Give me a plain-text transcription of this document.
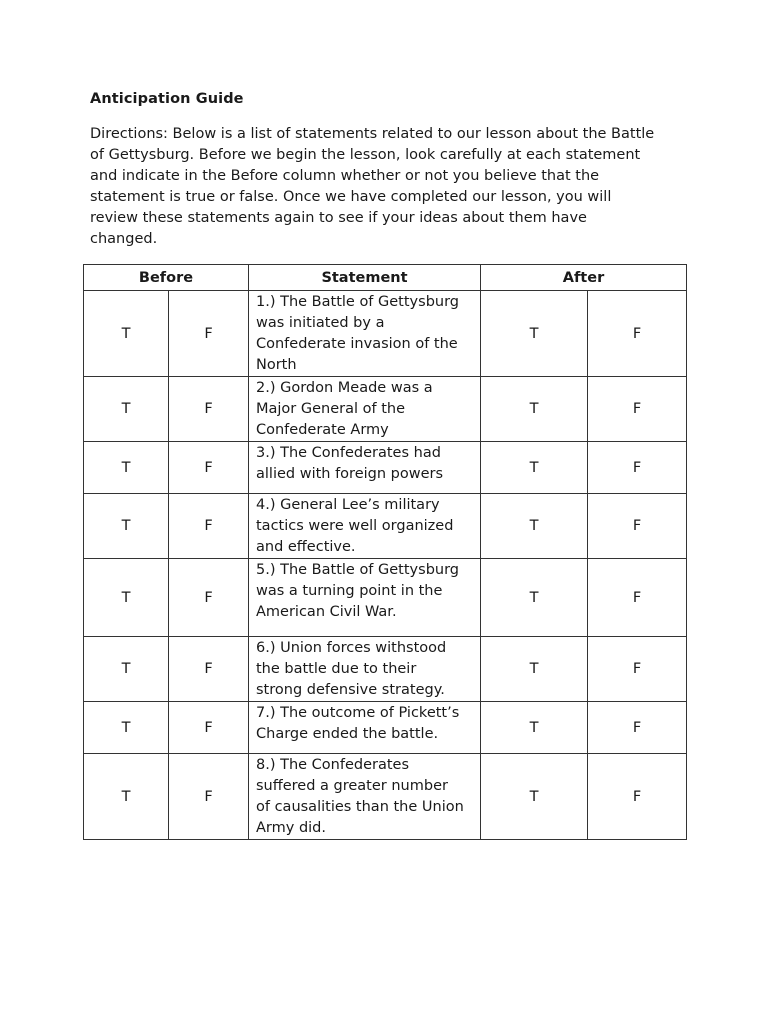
Anticipation Guide
Directions: Below is a list of statements related to our lesson about the Battle
of Gettysburg. Before we begin the lesson, look carefully at each statement
and indicate in the Before column whether or not you believe that the
statement is true or false. Once we have completed our lesson, you will
review these statements again to see if your ideas about them have
changed.
Before		Statement	After	
T	F	1.) The Battle of Gettysburg
was initiated by a
Confederate invasion of the
North	T	F
T	F	2.) Gordon Meade was a
Major General of the
Confederate Army	T	F
T	F	3.) The Confederates had
allied with foreign powers	T	F
T	F	4.) General Lee’s military
tactics were well organized
and effective.	T	F
T	F	5.) The Battle of Gettysburg
was a turning point in the
American Civil War.	T	F
T	F	6.) Union forces withstood
the battle due to their
strong defensive strategy.	T	F
T	F	7.) The outcome of Pickett’s
Charge ended the battle.	T	F
T	F	8.) The Confederates
suffered a greater number
of causalities than the Union
Army did.	T	F
